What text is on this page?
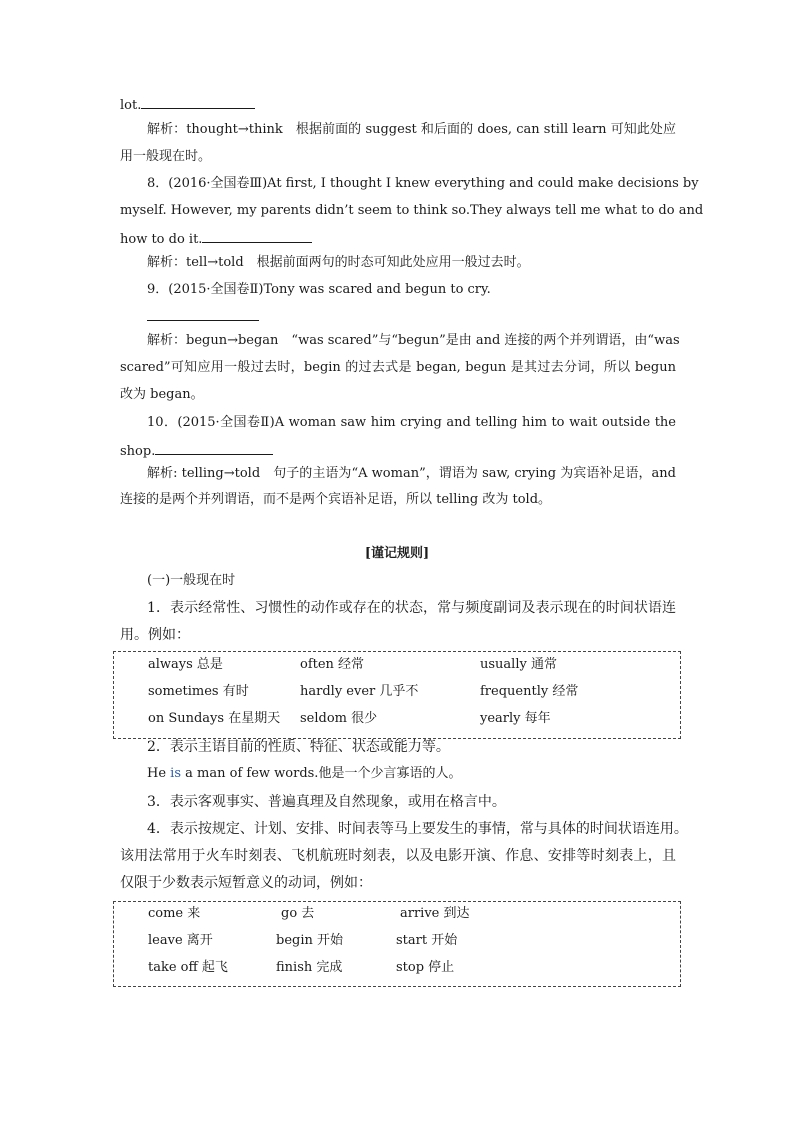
lot.
解析：thought→think　根据前面的 suggest 和后面的 does, can still learn 可知此处应
用一般现在时。
8．(2016·全国卷Ⅲ)At first, I thought I knew everything and could make decisions by
myself. However, my parents didn’t seem to think so.They always tell me what to do and
how to do it.
解析：tell→told　根据前面两句的时态可知此处应用一般过去时。
9．(2015·全国卷Ⅱ)Tony was scared and begun to cry.
解析：begun→began　“was scared”与“begun”是由 and 连接的两个并列谓语，由“was
scared”可知应用一般过去时，begin 的过去式是 began, begun 是其过去分词，所以 begun
改为 began。
10．(2015·全国卷Ⅱ)A woman saw him crying and telling him to wait outside the
shop.
解析: telling→told　句子的主语为“A woman”，谓语为 saw, crying 为宾语补足语，and
连接的是两个并列谓语，而不是两个宾语补足语，所以 telling 改为 told。
[谨记规则]
(一)一般现在时
1．表示经常性、习惯性的动作或存在的状态，常与频度副词及表示现在的时间状语连
用。例如：
always 总是	often 经常	usually 通常
sometimes 有时	hardly ever 几乎不	frequently 经常
on Sundays 在星期天 seldom 很少	yearly 每年
2．表示主语目前的性质、特征、状态或能力等。
He is a man of few words.他是一个少言寡语的人。
3．表示客观事实、普遍真理及自然现象，或用在格言中。
4．表示按规定、计划、安排、时间表等马上要发生的事情，常与具体的时间状语连用。
该用法常用于火车时刻表、飞机航班时刻表，以及电影开演、作息、安排等时刻表上，且
仅限于少数表示短暂意义的动词，例如：
come 来	go 去	arrive 到达
leave 离开	begin 开始	start 开始
take off 起飞	finish 完成	stop 停止
